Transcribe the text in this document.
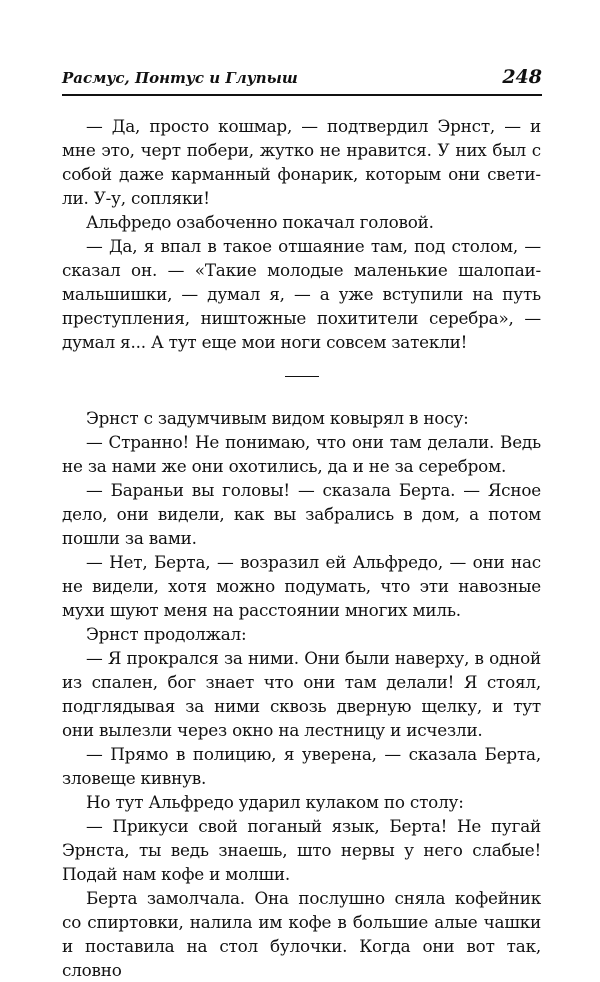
Расмус, Понтус и Глупыш	248

— Да, просто кошмар, — подтвердил Эрнст, — и мне это, черт побери, жутко не нравится. У них был с собой даже карманный фонарик, которым они светили. У-у, сопляки!

Альфредо озабоченно покачал головой.

— Да, я впал в такое отшаяние там, под столом, — сказал он. — «Такие молодые маленькие шалопаи-мальшишки, — думал я, — а уже вступили на путь преступления, ништожные похитители серебра», — думал я... А тут еще мои ноги совсем затекли!

Эрнст с задумчивым видом ковырял в носу:

— Странно! Не понимаю, что они там делали. Ведь не за нами же они охотились, да и не за серебром.

— Бараньи вы головы! — сказала Берта. — Ясное дело, они видели, как вы забрались в дом, а потом пошли за вами.

— Нет, Берта, — возразил ей Альфредо, — они нас не видели, хотя можно подумать, что эти навозные мухи шуют меня на расстоянии многих миль.

Эрнст продолжал:

— Я прокрался за ними. Они были наверху, в одной из спален, бог знает что они там делали! Я стоял, подглядывая за ними сквозь дверную щелку, и тут они вылезли через окно на лестницу и исчезли.

— Прямо в полицию, я уверена, — сказала Берта, зловеще кивнув.

Но тут Альфредо ударил кулаком по столу:

— Прикуси свой поганый язык, Берта! Не пугай Эрнста, ты ведь знаешь, што нервы у него слабые! Подай нам кофе и молши.

Берта замолчала. Она послушно сняла кофейник со спиртовки, налила им кофе в большие алые чашки и поставила на стол булочки. Когда они вот так, словно
